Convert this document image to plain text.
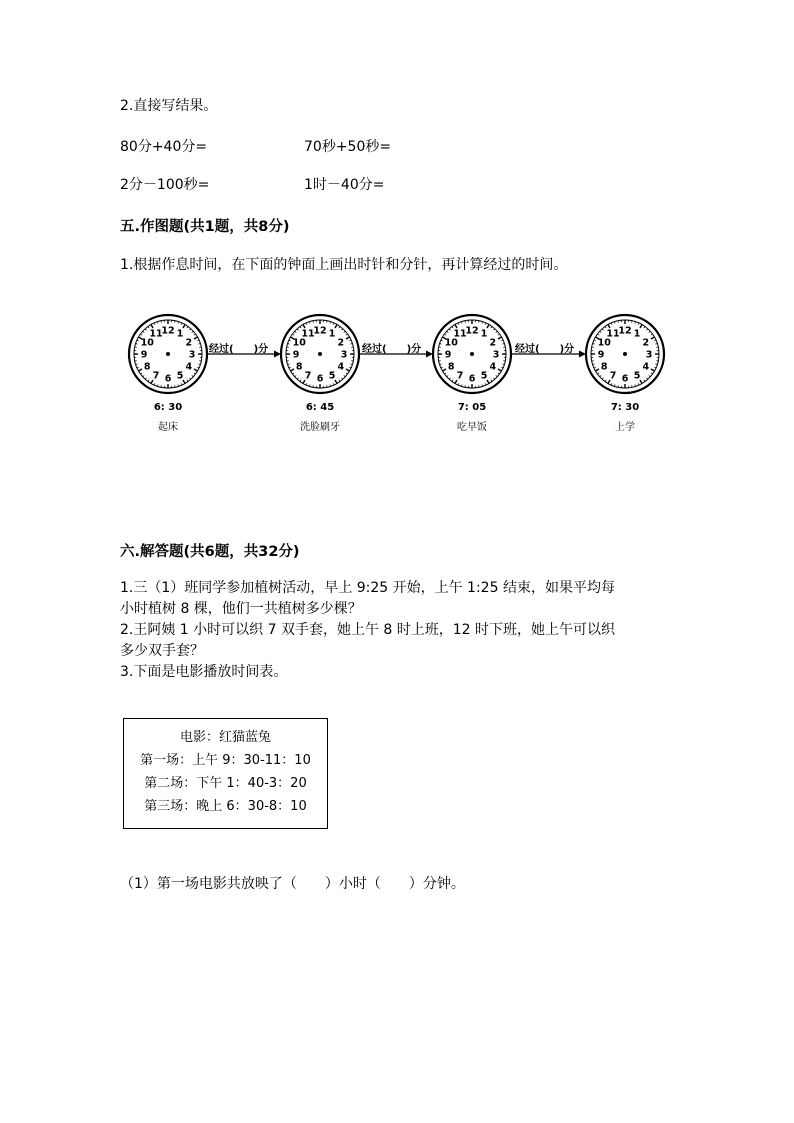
2.直接写结果。
80分+40分=	70秒+50秒=
2分－100秒=	1时－40分=
五.作图题(共1题，共8分)
1.根据作息时间，在下面的钟面上画出时针和分针，再计算经过的时间。
12 1
2
3
4
5
6
7
8
9
10
11	12 1
2
3
4
5
6
7
8
9
10
11	12 1
2
3
4
5
6
7
8
9
10
11	12 1
2
3
4
5
6
7
8
9
10
11
6: 30
起床
6: 45
洗脸刷牙
7: 05
吃早饭
7: 30
上学
经过(　　)分	经过(　　)分	经过(　　)分
六.解答题(共6题，共32分)
1.三（1）班同学参加植树活动，早上 9:25 开始，上午 1:25 结束，如果平均每
小时植树 8 棵，他们一共植树多少棵？
2.王阿姨 1 小时可以织 7 双手套，她上午 8 时上班，12 时下班，她上午可以织
多少双手套？
3.下面是电影播放时间表。
电影：红猫蓝兔
第一场：上午 9：30-11：10
第二场：下午 1：40-3：20
第三场：晚上 6：30-8：10
（1）第一场电影共放映了（　　）小时（　　）分钟。
